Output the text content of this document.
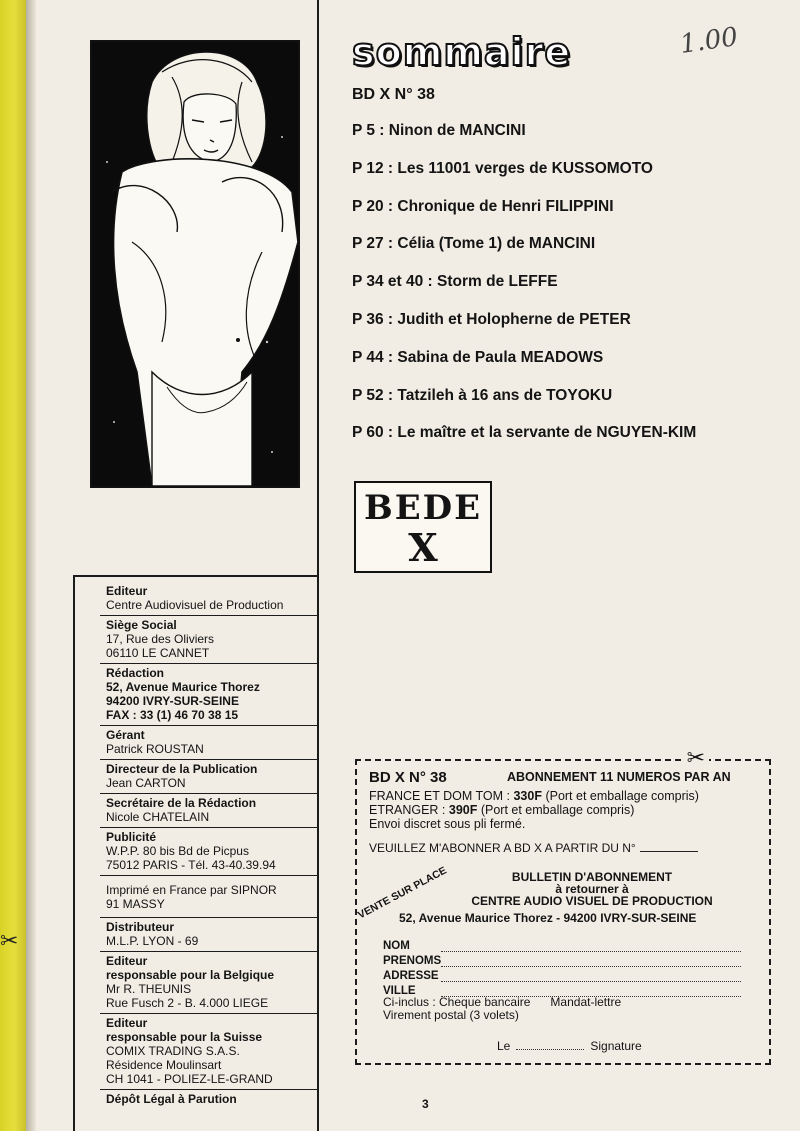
✂
sommaire	1.00
BD X N° 38
P 5 : Ninon de MANCINI
P 12 : Les 11001 verges de KUSSOMOTO
P 20 : Chronique de Henri FILIPPINI
P 27 : Célia (Tome 1) de MANCINI
P 34 et 40 : Storm de LEFFE
P 36 : Judith et Holopherne de PETER
P 44 : Sabina de Paula MEADOWS
P 52 : Tatzileh à 16 ans de TOYOKU
P 60 : Le maître et la servante de NGUYEN-KIM
BEDE
X
Editeur
Centre Audiovisuel de Production
Siège Social
17, Rue des Oliviers
06110 LE CANNET
Rédaction
52, Avenue Maurice Thorez
94200 IVRY-SUR-SEINE
FAX : 33 (1) 46 70 38 15
Gérant
Patrick ROUSTAN
Directeur de la Publication
Jean CARTON
Secrétaire de la Rédaction
Nicole CHATELAIN
Publicité
W.P.P. 80 bis Bd de Picpus
75012 PARIS - Tél. 43-40.39.94
Imprimé en France par SIPNOR
91 MASSY
Distributeur
M.L.P. LYON - 69
Editeur
responsable pour la Belgique
Mr R. THEUNIS
Rue Fusch 2 - B. 4.000 LIEGE
Editeur
responsable pour la Suisse
COMIX TRADING S.A.S.
Résidence Moulinsart
CH 1041 - POLIEZ-LE-GRAND
Dépôt Légal à Parution
✂
BD X N° 38	ABONNEMENT 11 NUMEROS PAR AN
FRANCE ET DOM TOM : 330F (Port et emballage compris)
ETRANGER : 390F (Port et emballage compris)
Envoi discret sous pli fermé.
VEUILLEZ M'ABONNER A BD X A PARTIR DU N°
VENTE SUR PLACE	BULLETIN D'ABONNEMENT
à retourner à
CENTRE AUDIO VISUEL DE PRODUCTION
52, Avenue Maurice Thorez - 94200 IVRY-SUR-SEINE
NOM
PRENOMS
ADRESSE
VILLE
Ci-inclus : Cheque bancaire Mandat-lettre
Virement postal (3 volets)
Le	Signature
3
